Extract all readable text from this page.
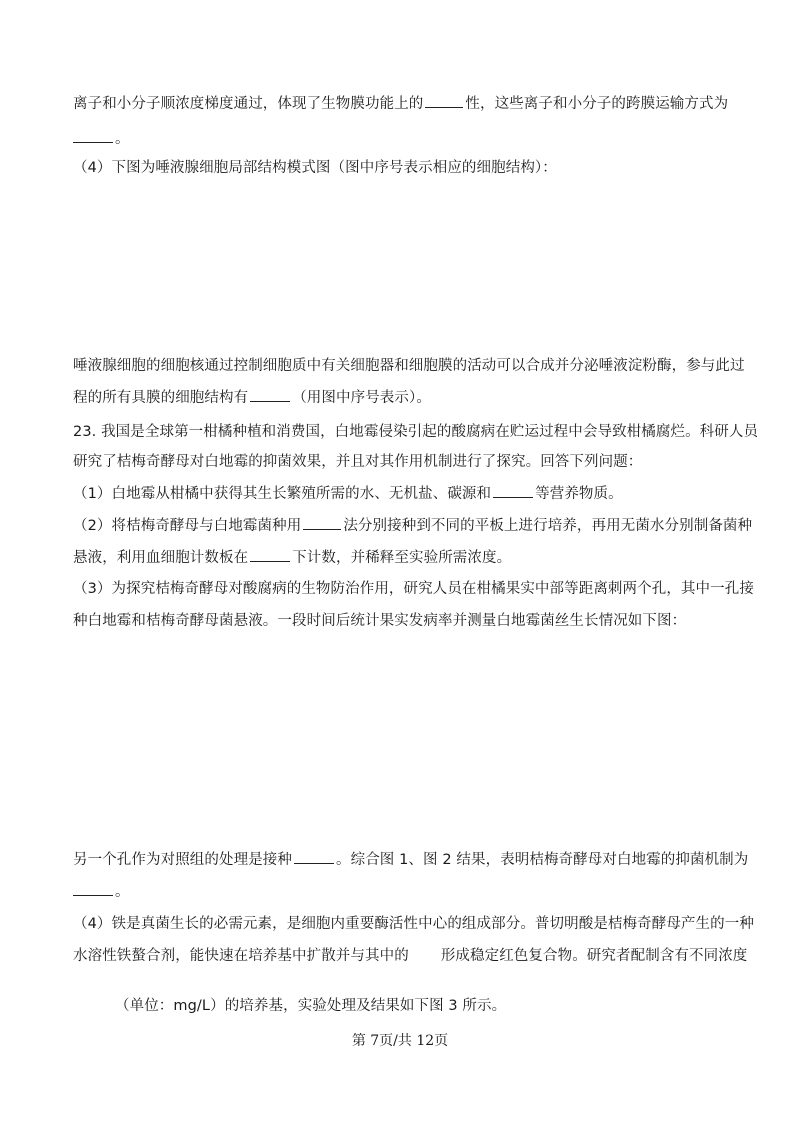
离子和小分子顺浓度梯度通过，体现了生物膜功能上的	性，这些离子和小分子的跨膜运输方式为
。
（4）下图为唾液腺细胞局部结构模式图（图中序号表示相应的细胞结构）：
唾液腺细胞的细胞核通过控制细胞质中有关细胞器和细胞膜的活动可以合成并分泌唾液淀粉酶，参与此过
程的所有具膜的细胞结构有	（用图中序号表示）。
23. 我国是全球第一柑橘种植和消费国，白地霉侵染引起的酸腐病在贮运过程中会导致柑橘腐烂。科研人员
研究了桔梅奇酵母对白地霉的抑菌效果，并且对其作用机制进行了探究。回答下列问题：
（1）白地霉从柑橘中获得其生长繁殖所需的水、无机盐、碳源和	等营养物质。
（2）将桔梅奇酵母与白地霉菌种用	法分别接种到不同的平板上进行培养，再用无菌水分别制备菌种
悬液，利用血细胞计数板在	下计数，并稀释至实验所需浓度。
（3）为探究桔梅奇酵母对酸腐病的生物防治作用，研究人员在柑橘果实中部等距离刺两个孔，其中一孔接
种白地霉和桔梅奇酵母菌悬液。一段时间后统计果实发病率并测量白地霉菌丝生长情况如下图：
另一个孔作为对照组的处理是接种	。综合图 1、图 2 结果，表明桔梅奇酵母对白地霉的抑菌机制为
。
（4）铁是真菌生长的必需元素，是细胞内重要酶活性中心的组成部分。普切明酸是桔梅奇酵母产生的一种
水溶性铁螯合剂，能快速在培养基中扩散并与其中的 形成稳定红色复合物。研究者配制含有不同浓度
（单位：mg/L）的培养基，实验处理及结果如下图 3 所示。
第 7页/共 12页
